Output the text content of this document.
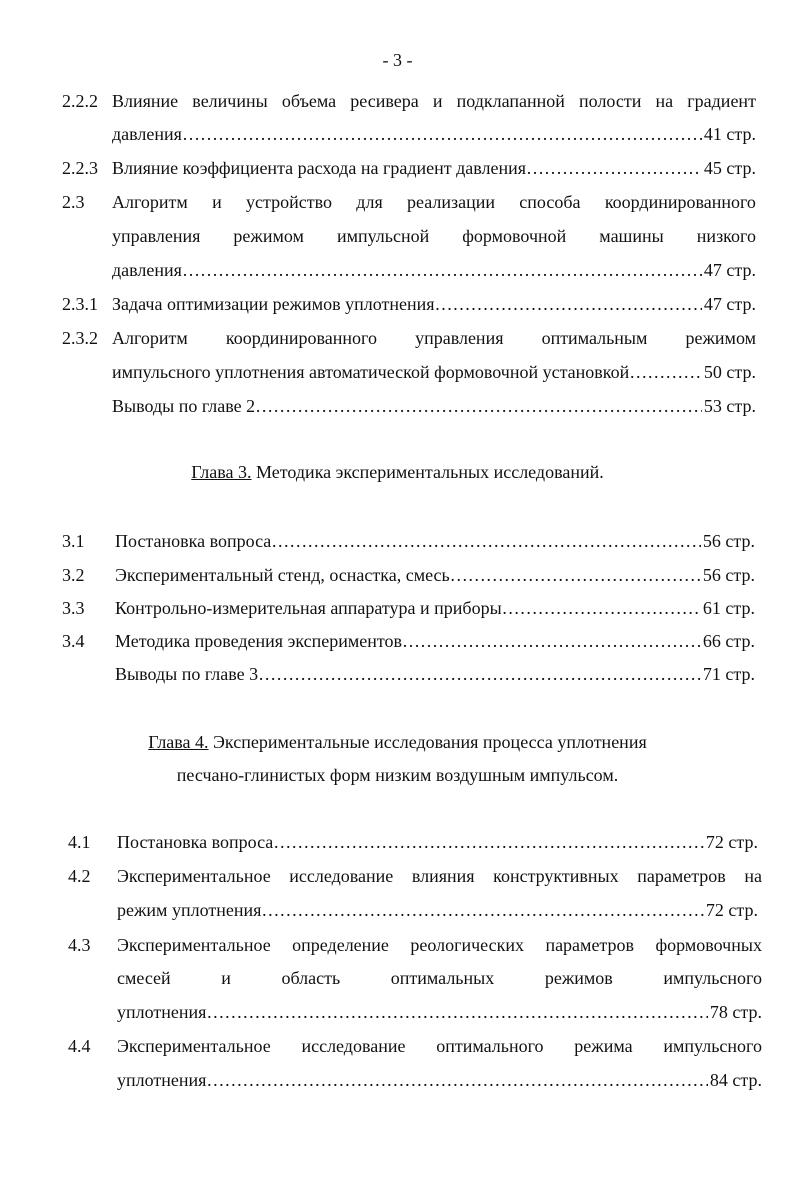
- 3 -
2.2.2 Влияние величины объема ресивера и подклапанной полости на градиент
давления ………………………………………………………………………………………………………………………………………………	41 стр.
2.2.3 Влияние коэффициента расхода на градиент давления ………………………………………………………………………………………………………………………………………………	45 стр.
2.3 Алгоритм и устройство для реализации способа координированного
управления режимом импульсной формовочной машины низкого
давления ………………………………………………………………………………………………………………………………………………	47 стр.
2.3.1 Задача оптимизации режимов уплотнения ………………………………………………………………………………………………………………………………………………	47 стр.
2.3.2 Алгоритм координированного управления оптимальным режимом
импульсного уплотнения автоматической формовочной установкой ………………………………………………………………………………………………………………………………………………	50 стр.
Выводы по главе 2 ………………………………………………………………………………………………………………………………………………	53 стр.
Глава 3. Методика экспериментальных исследований.
3.1 Постановка вопроса ………………………………………………………………………………………………………………………………………………	56 стр.
3.2 Экспериментальный стенд, оснастка, смесь ………………………………………………………………………………………………………………………………………………	56 стр.
3.3 Контрольно-измерительная аппаратура и приборы ………………………………………………………………………………………………………………………………………………	61 стр.
3.4 Методика проведения экспериментов ………………………………………………………………………………………………………………………………………………	66 стр.
Выводы по главе 3 ………………………………………………………………………………………………………………………………………………	71 стр.
Глава 4. Экспериментальные исследования процесса уплотнения
песчано-глинистых форм низким воздушным импульсом.
4.1 Постановка вопроса ………………………………………………………………………………………………………………………………………………	72 стр.
4.2 Экспериментальное исследование влияния конструктивных параметров на
режим уплотнения ………………………………………………………………………………………………………………………………………………	72 стр.
4.3 Экспериментальное определение реологических параметров формовочных
смесей	и	область	оптимальных	режимов	импульсного
уплотнения ………………………………………………………………………………………………………………………………………………	78 стр.
4.4 Экспериментальное исследование оптимального режима импульсного
уплотнения ………………………………………………………………………………………………………………………………………………	84 стр.
